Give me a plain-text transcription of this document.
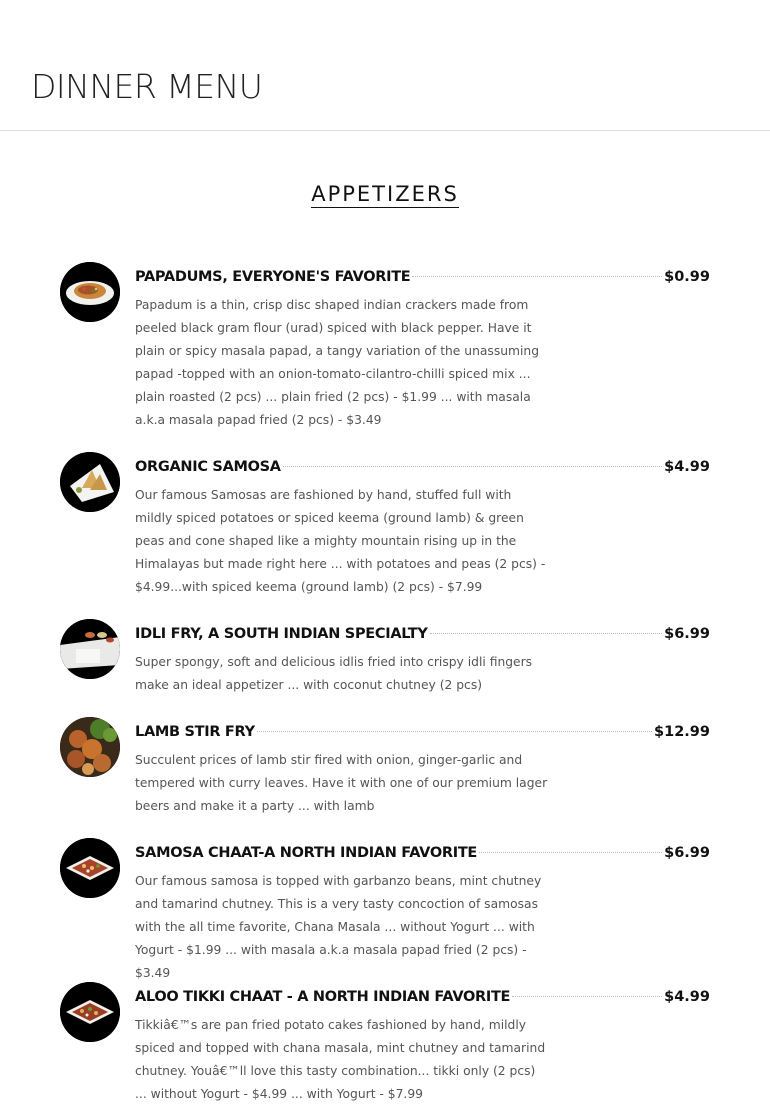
DINNER MENU
APPETIZERS
PAPADUMS, EVERYONE'S FAVORITE	$0.99

Papadum is a thin, crisp disc shaped indian crackers made from peeled black gram flour (urad) spiced with black pepper. Have it plain or spicy masala papad, a tangy variation of the unassuming papad -topped with an onion-tomato-cilantro-chilli spiced mix ... plain roasted (2 pcs) ... plain fried (2 pcs) - $1.99 ... with masala a.k.a masala papad fried (2 pcs) - $3.49

ORGANIC SAMOSA	$4.99

Our famous Samosas are fashioned by hand, stuffed full with mildly spiced potatoes or spiced keema (ground lamb) & green peas and cone shaped like a mighty mountain rising up in the Himalayas but made right here ... with potatoes and peas (2 pcs) - $4.99...with spiced keema (ground lamb) (2 pcs) - $7.99

IDLI FRY, A SOUTH INDIAN SPECIALTY	$6.99

Super spongy, soft and delicious idlis fried into crispy idli fingers make an ideal appetizer ... with coconut chutney (2 pcs)

LAMB STIR FRY	$12.99

Succulent prices of lamb stir fired with onion, ginger-garlic and tempered with curry leaves. Have it with one of our premium lager beers and make it a party ... with lamb

SAMOSA CHAAT-A NORTH INDIAN FAVORITE	$6.99

Our famous samosa is topped with garbanzo beans, mint chutney and tamarind chutney. This is a very tasty concoction of samosas with the all time favorite, Chana Masala ... without Yogurt ... with Yogurt - $1.99 ... with masala a.k.a masala papad fried (2 pcs) - $3.49

ALOO TIKKI CHAAT - A NORTH INDIAN FAVORITE	$4.99

Tikkiâ€™s are pan fried potato cakes fashioned by hand, mildly spiced and topped with chana masala, mint chutney and tamarind chutney. Youâ€™ll love this tasty combination... tikki only (2 pcs) ... without Yogurt - $4.99 ... with Yogurt - $7.99
